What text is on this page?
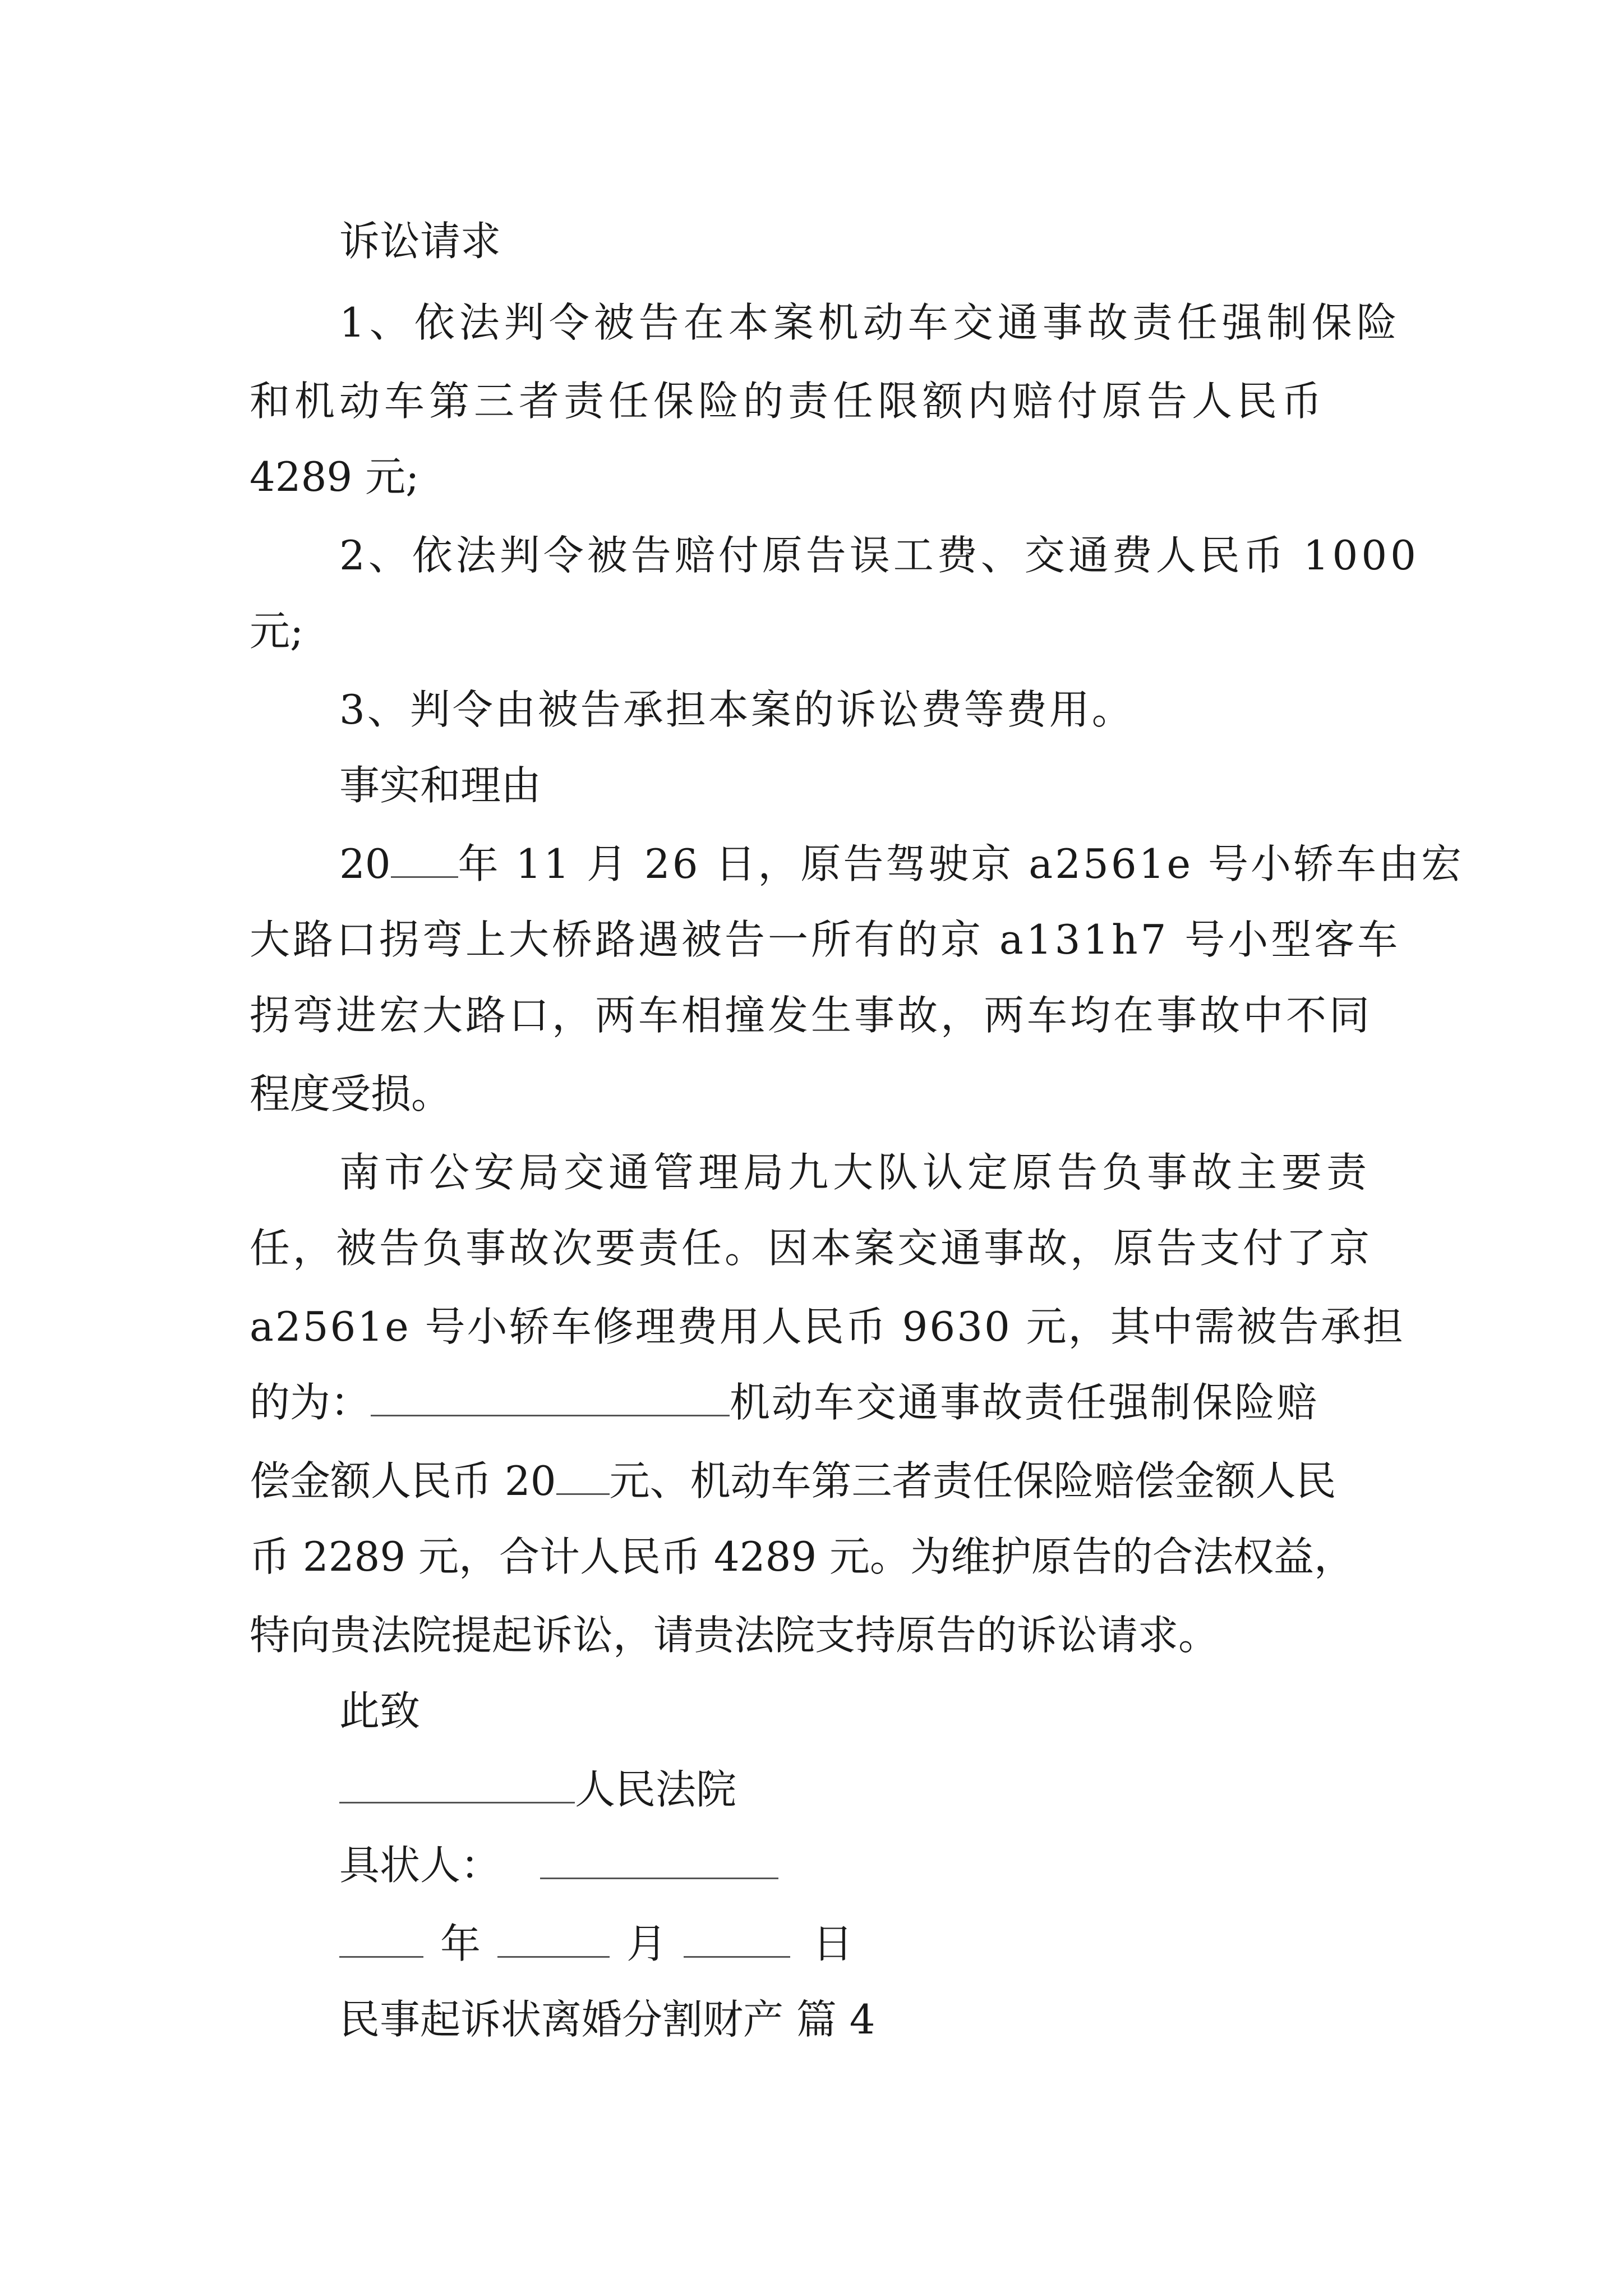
诉讼请求
1、依法判令被告在本案机动车交通事故责任强制保险
和机动车第三者责任保险的责任限额内赔付原告人民币
4289 元;
2、依法判令被告赔付原告误工费、交通费人民币 1000
元;
3、判令由被告承担本案的诉讼费等费用。
事实和理由
20 年 11 月 26 日，原告驾驶京 a2561e 号小轿车由宏
大路口拐弯上大桥路遇被告一所有的京 a131h7 号小型客车
拐弯进宏大路口，两车相撞发生事故，两车均在事故中不同
程度受损。
南市公安局交通管理局九大队认定原告负事故主要责
任，被告负事故次要责任。因本案交通事故，原告支付了京
a2561e 号小轿车修理费用人民币 9630 元，其中需被告承担
的为：	机动车交通事故责任强制保险赔
偿金额人民币 20 元、机动车第三者责任保险赔偿金额人民
币 2289 元，合计人民币 4289 元。为维护原告的合法权益，
特向贵法院提起诉讼，请贵法院支持原告的诉讼请求。
此致
人民法院
具状人：
年	月	日
民事起诉状离婚分割财产 篇 4
